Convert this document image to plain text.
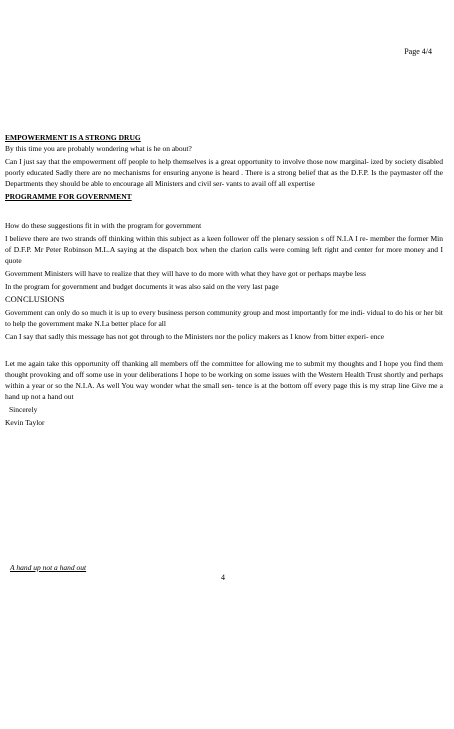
Page 4/4

EMPOWERMENT IS A STRONG DRUG

By this time you are probably wondering what is he on about?

Can I just say that the empowerment off people to help themselves is a great opportunity to involve those now marginal- ized by society disabled poorly educated Sadly there are no mechanisms for ensuring anyone is heard . There is a strong belief that as the D.F.P. Is the paymaster off the Departments they should be able to encourage all Ministers and civil ser- vants to avail off all expertise

PROGRAMME FOR GOVERNMENT

How do these suggestions fit in with the program for government

I believe there are two strands off thinking within this subject as a keen follower off the plenary session s off N.I.A I re- member the former Min of D.F.P. Mr Peter Robinson M.L.A saying at the dispatch box when the clarion calls were coming left right and center for more money and I quote

Government Ministers will have to realize that they will have to do more with what they have got or perhaps maybe less

In the program for government and budget documents it was also said on the very last page

CONCLUSIONS

Government can only do so much it is up to every business person community group and most importantly for me indi- vidual to do his or her bit to help the government make N.I.a better place for all

Can I say that sadly this message has not got through to the Ministers nor the policy makers as I know from bitter experi- ence

Let me again take this opportunity off thanking all members off the committee for allowing me to submit my thoughts and I hope you find them thought provoking and off some use in your deliberations I hope to be working on some issues with the Western Health Trust shortly and perhaps within a year or so the N.I.A. As well You way wonder what the small sen- tence is at the bottom off every page this is my strap line Give me a hand up not a hand out

Sincerely

Kevin Taylor

A hand up not a hand out
4
